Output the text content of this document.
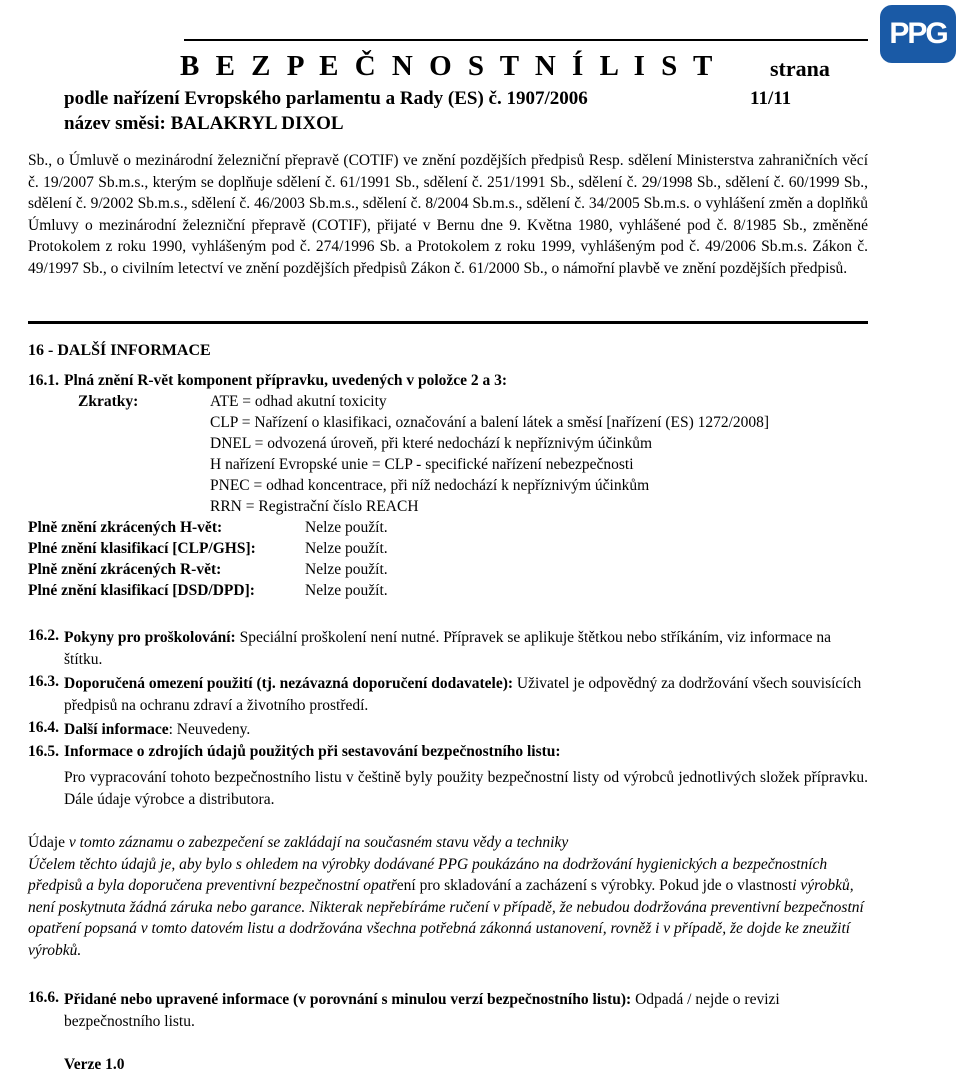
PPG
B E Z P E Č N O S T N Í L I S T strana
podle nařízení Evropského parlamentu a Rady (ES) č. 1907/2006	11/11
název směsi: BALAKRYL DIXOL
Sb., o Úmluvě o mezinárodní železniční přepravě (COTIF) ve znění pozdějších předpisů Resp. sdělení Ministerstva zahraničních věcí č. 19/2007 Sb.m.s., kterým se doplňuje sdělení č. 61/1991 Sb., sdělení č. 251/1991 Sb., sdělení č. 29/1998 Sb., sdělení č. 60/1999 Sb., sdělení č. 9/2002 Sb.m.s., sdělení č. 46/2003 Sb.m.s., sdělení č. 8/2004 Sb.m.s., sdělení č. 34/2005 Sb.m.s. o vyhlášení změn a doplňků Úmluvy o mezinárodní železniční přepravě (COTIF), přijaté v Bernu dne 9. Května 1980, vyhlášené pod č. 8/1985 Sb., změněné Protokolem z roku 1990, vyhlášeným pod č. 274/1996 Sb. a Protokolem z roku 1999, vyhlášeným pod č. 49/2006 Sb.m.s. Zákon č. 49/1997 Sb., o civilním letectví ve znění pozdějších předpisů Zákon č. 61/2000 Sb., o námořní plavbě ve znění pozdějších předpisů.
16 - DALŠÍ INFORMACE
16.1. Plná znění R-vět komponent přípravku, uvedených v položce 2 a 3:
Zkratky:	ATE = odhad akutní toxicity
CLP = Nařízení o klasifikaci, označování a balení látek a směsí [nařízení (ES) 1272/2008]
DNEL = odvozená úroveň, při které nedochází k nepříznivým účinkům
H nařízení Evropské unie = CLP - specifické nařízení nebezpečnosti
PNEC = odhad koncentrace, při níž nedochází k nepříznivým účinkům
RRN = Registrační číslo REACH
Plně znění zkrácených H-vět:	Nelze použít.
Plné znění klasifikací [CLP/GHS]:	Nelze použít.
Plně znění zkrácených R-vět:	Nelze použít.
Plné znění klasifikací [DSD/DPD]:	Nelze použít.
16.2. Pokyny pro proškolování: Speciální proškolení není nutné. Přípravek se aplikuje štětkou nebo stříkáním, viz informace na štítku.
16.3. Doporučená omezení použití (tj. nezávazná doporučení dodavatele): Uživatel je odpovědný za dodržování všech souvisících předpisů na ochranu zdraví a životního prostředí.
16.4. Další informace: Neuvedeny.
16.5. Informace o zdrojích údajů použitých při sestavování bezpečnostního listu:
Pro vypracování tohoto bezpečnostního listu v češtině byly použity bezpečnostní listy od výrobců jednotlivých složek přípravku. Dále údaje výrobce a distributora.
Údaje v tomto záznamu o zabezpečení se zakládají na současném stavu vědy a techniky
Účelem těchto údajů je, aby bylo s ohledem na výrobky dodávané PPG poukázáno na dodržování hygienických a bezpečnostních předpisů a byla doporučena preventivní bezpečnostní opatření pro skladování a zacházení s výrobky. Pokud jde o vlastnosti výrobků, není poskytnuta žádná záruka nebo garance. Nikterak nepřebíráme ručení v případě, že nebudou dodržována preventivní bezpečnostní opatření popsaná v tomto datovém listu a dodržována všechna potřebná zákonná ustanovení, rovněž i v případě, že dojde ke zneužití výrobků.
16.6. Přidané nebo upravené informace (v porovnání s minulou verzí bezpečnostního listu): Odpadá / nejde o revizi bezpečnostního listu.
Verze 1.0
